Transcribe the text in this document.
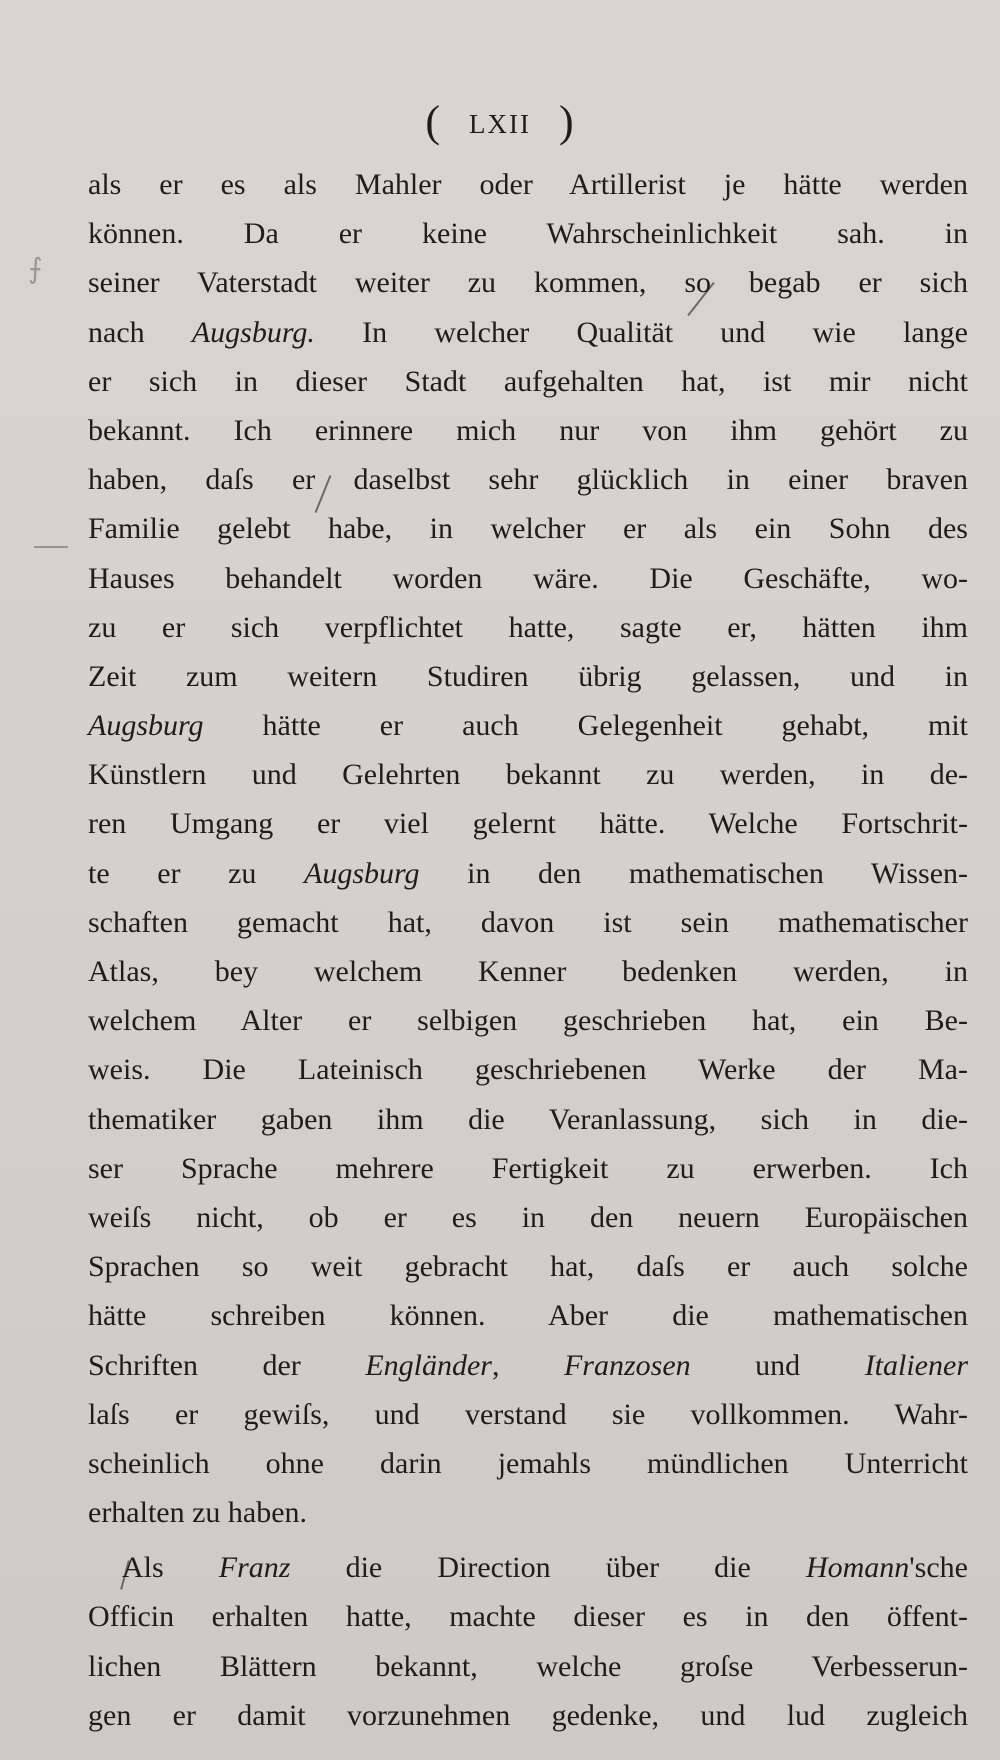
( LXII )
⨍
als er es als Mahler oder Artillerist je hätte werden
können. Da er keine Wahrscheinlichkeit sah. in
seiner Vaterstadt weiter zu kommen, so begab er sich
nach Augsburg. In welcher Qualität und wie lange
er sich in dieser Stadt aufgehalten hat, ist mir nicht
bekannt. Ich erinnere mich nur von ihm gehört zu
haben, daſs er daselbst sehr glücklich in einer braven
Familie gelebt habe, in welcher er als ein Sohn des
Hauses behandelt worden wäre. Die Geschäfte, wo-
zu er sich verpflichtet hatte, sagte er, hätten ihm
Zeit zum weitern Studiren übrig gelassen, und in
Augsburg hätte er auch Gelegenheit gehabt, mit
Künstlern und Gelehrten bekannt zu werden, in de-
ren Umgang er viel gelernt hätte. Welche Fortschrit-
te er zu Augsburg in den mathematischen Wissen-
schaften gemacht hat, davon ist sein mathematischer
Atlas, bey welchem Kenner bedenken werden, in
welchem Alter er selbigen geschrieben hat, ein Be-
weis. Die Lateinisch geschriebenen Werke der Ma-
thematiker gaben ihm die Veranlassung, sich in die-
ser Sprache mehrere Fertigkeit zu erwerben. Ich
weiſs nicht, ob er es in den neuern Europäischen
Sprachen so weit gebracht hat, daſs er auch solche
hätte schreiben können. Aber die mathematischen
Schriften der Engländer, Franzosen und Italiener
laſs er gewiſs, und verstand sie vollkommen. Wahr-
scheinlich ohne darin jemahls mündlichen Unterricht
erhalten zu haben.
Als Franz die Direction über die Homann'sche
Officin erhalten hatte, machte dieser es in den öffent-
lichen Blättern bekannt, welche groſse Verbesserun-
gen er damit vorzunehmen gedenke, und lud zugleich
